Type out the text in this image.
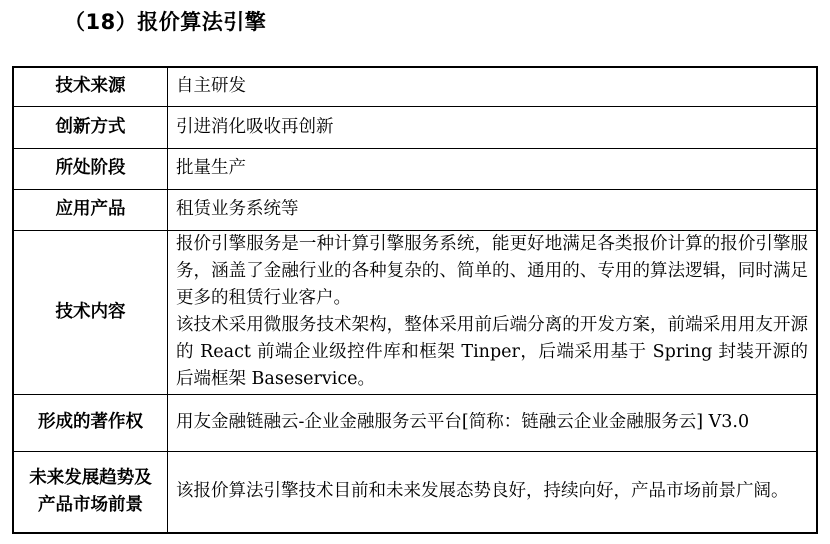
（18）报价算法引擎
技术来源	自主研发
创新方式	引进消化吸收再创新
所处阶段	批量生产
应用产品	租赁业务系统等
技术内容	报价引擎服务是一种计算引擎服务系统，能更好地满足各类报价计算的报价引擎服务，涵盖了金融行业的各种复杂的、简单的、通用的、专用的算法逻辑，同时满足更多的租赁行业客户。
该技术采用微服务技术架构，整体采用前后端分离的开发方案，前端采用用友开源的 React 前端企业级控件库和框架 Tinper，后端采用基于 Spring 封装开源的后端框架 Baseservice。

形成的著作权	用友金融链融云-企业金融服务云平台[简称：链融云企业金融服务云] V3.0
未来发展趋势及产品市场前景	该报价算法引擎技术目前和未来发展态势良好，持续向好，产品市场前景广阔。
